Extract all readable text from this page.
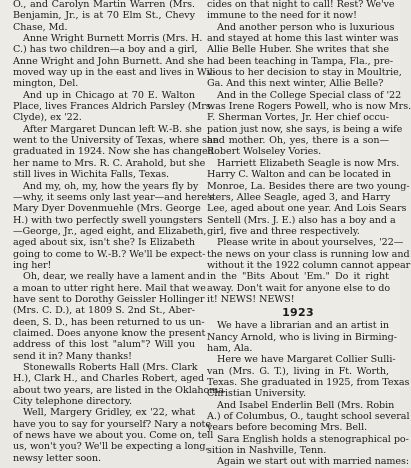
O., and Carolyn Martin Warren (Mrs.
Benjamin, Jr., is at 70 Elm St., Chevy
Chase, Md.
Anne Wright Burnett Morris (Mrs. H.
C.) has two children—a boy and a girl,
Anne Wright and John Burnett. And she
moved way up in the east and lives in Wil-
mington, Del.
And up in Chicago at 70 E. Walton
Place, lives Frances Aldrich Parsley (Mrs.
Clyde), ex '22.
After Margaret Duncan left W.-B. she
went to the University of Texas, where she
graduated in 1924. Now she has changed
her name to Mrs. R. C. Arahold, but she
still lives in Wichita Falls, Texas.
And my, oh, my, how the years fly by
—why, it seems only last year—and here's
Mary Dyer Dovenmuehle (Mrs. George
H.) with two perfectly swell youngsters
—George, Jr., aged eight, and Elizabeth,
aged about six, isn't she? Is Elizabeth
going to come to W.-B.? We'll be expect-
ing her!
Oh, dear, we really have a lament and
a moan to utter right here. Mail that we
have sent to Dorothy Geissler Hollinger
(Mrs. C. D.), at 1809 S. 2nd St., Aber-
deen, S. D., has been returned to us un-
claimed. Does anyone know the present
address of this lost "alum"? Will you
send it in? Many thanks!
Stonewalls Roberts Hall (Mrs. Clark
H.), Clark H., and Charles Robert, aged
about two years, are listed in the Oklahoma
City telephone directory.
Well, Margery Gridley, ex '22, what
have you to say for yourself? Nary a note
of news have we about you. Come on, tell
us, won't you? We'll be expecting a long,
newsy letter soon.
cides on that night to call! Rest? We've
immune to the need for it now!
And another person who is luxurious
and stayed at home this last winter was
Allie Belle Huber. She writes that she
had been teaching in Tampa, Fla., pre-
vious to her decision to stay in Moultrie,
Ga. And this next winter, Allie Belle?
And in the College Special class of '22
was Irene Rogers Powell, who is now Mrs.
F. Sherman Vortes, Jr. Her chief occu-
pation just now, she says, is being a wife
and mother. Oh, yes, there is a son—
Robert Wolseley Vories.
Harriett Elizabeth Seagle is now Mrs.
Harry C. Walton and can be located in
Monroe, La. Besides there are two young-
sters, Allee Seagle, aged 3, and Harry
Lee, aged about one year. And Lois Sears
Sentell (Mrs. J. E.) also has a boy and a
girl, five and three respectively.
Please write in about yourselves, '22—
the news on your class is running low and
without it the 1922 column cannot appear
in the "Bits About 'Em." Do it right
away. Don't wait for anyone else to do
it! NEWS! NEWS!
1923
We have a librarian and an artist in
Nancy Arnold, who is living in Birming-
ham, Ala.
Here we have Margaret Collier Sulli-
van (Mrs. G. T.), living in Ft. Worth,
Texas. She graduated in 1925, from Texas
Christian University.
And Isabel Enderlin Bell (Mrs. Robin
A.) of Columbus, O., taught school several
years before becoming Mrs. Bell.
Sara English holds a stenographical po-
sition in Nashville, Tenn.
Again we start out with married names:
